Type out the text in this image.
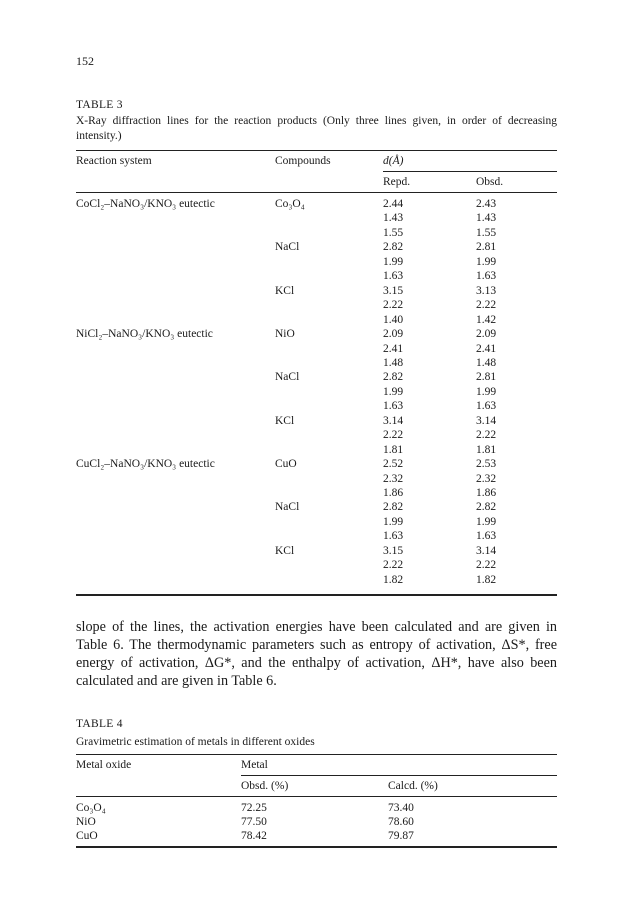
152
TABLE 3
X-Ray diffraction lines for the reaction products (Only three lines given, in order of decreasing intensity.)
Reaction system	Compounds	d(Å)
Repd.	Obsd.
CoCl₂–NaNO₃/KNO₃ eutectic	Co₃O₄	2.44	2.43
1.43	1.43
1.55	1.55
NaCl	2.82	2.81
1.99	1.99
1.63	1.63
KCl	3.15	3.13
2.22	2.22
1.40	1.42
NiCl₂–NaNO₃/KNO₃ eutectic	NiO	2.09	2.09
2.41	2.41
1.48	1.48
NaCl	2.82	2.81
1.99	1.99
1.63	1.63
KCl	3.14	3.14
2.22	2.22
1.81	1.81
CuCl₂–NaNO₃/KNO₃ eutectic	CuO	2.52	2.53
2.32	2.32
1.86	1.86
NaCl	2.82	2.82
1.99	1.99
1.63	1.63
KCl	3.15	3.14
2.22	2.22
1.82	1.82
slope of the lines, the activation energies have been calculated and are given in Table 6. The thermodynamic parameters such as entropy of activation, ΔS*, free energy of activation, ΔG*, and the enthalpy of activation, ΔH*, have also been calculated and are given in Table 6.
TABLE 4
Gravimetric estimation of metals in different oxides
Metal oxide	Metal
Obsd. (%)	Calcd. (%)
Co₃O₄	72.25	73.40
NiO	77.50	78.60
CuO	78.42	79.87
